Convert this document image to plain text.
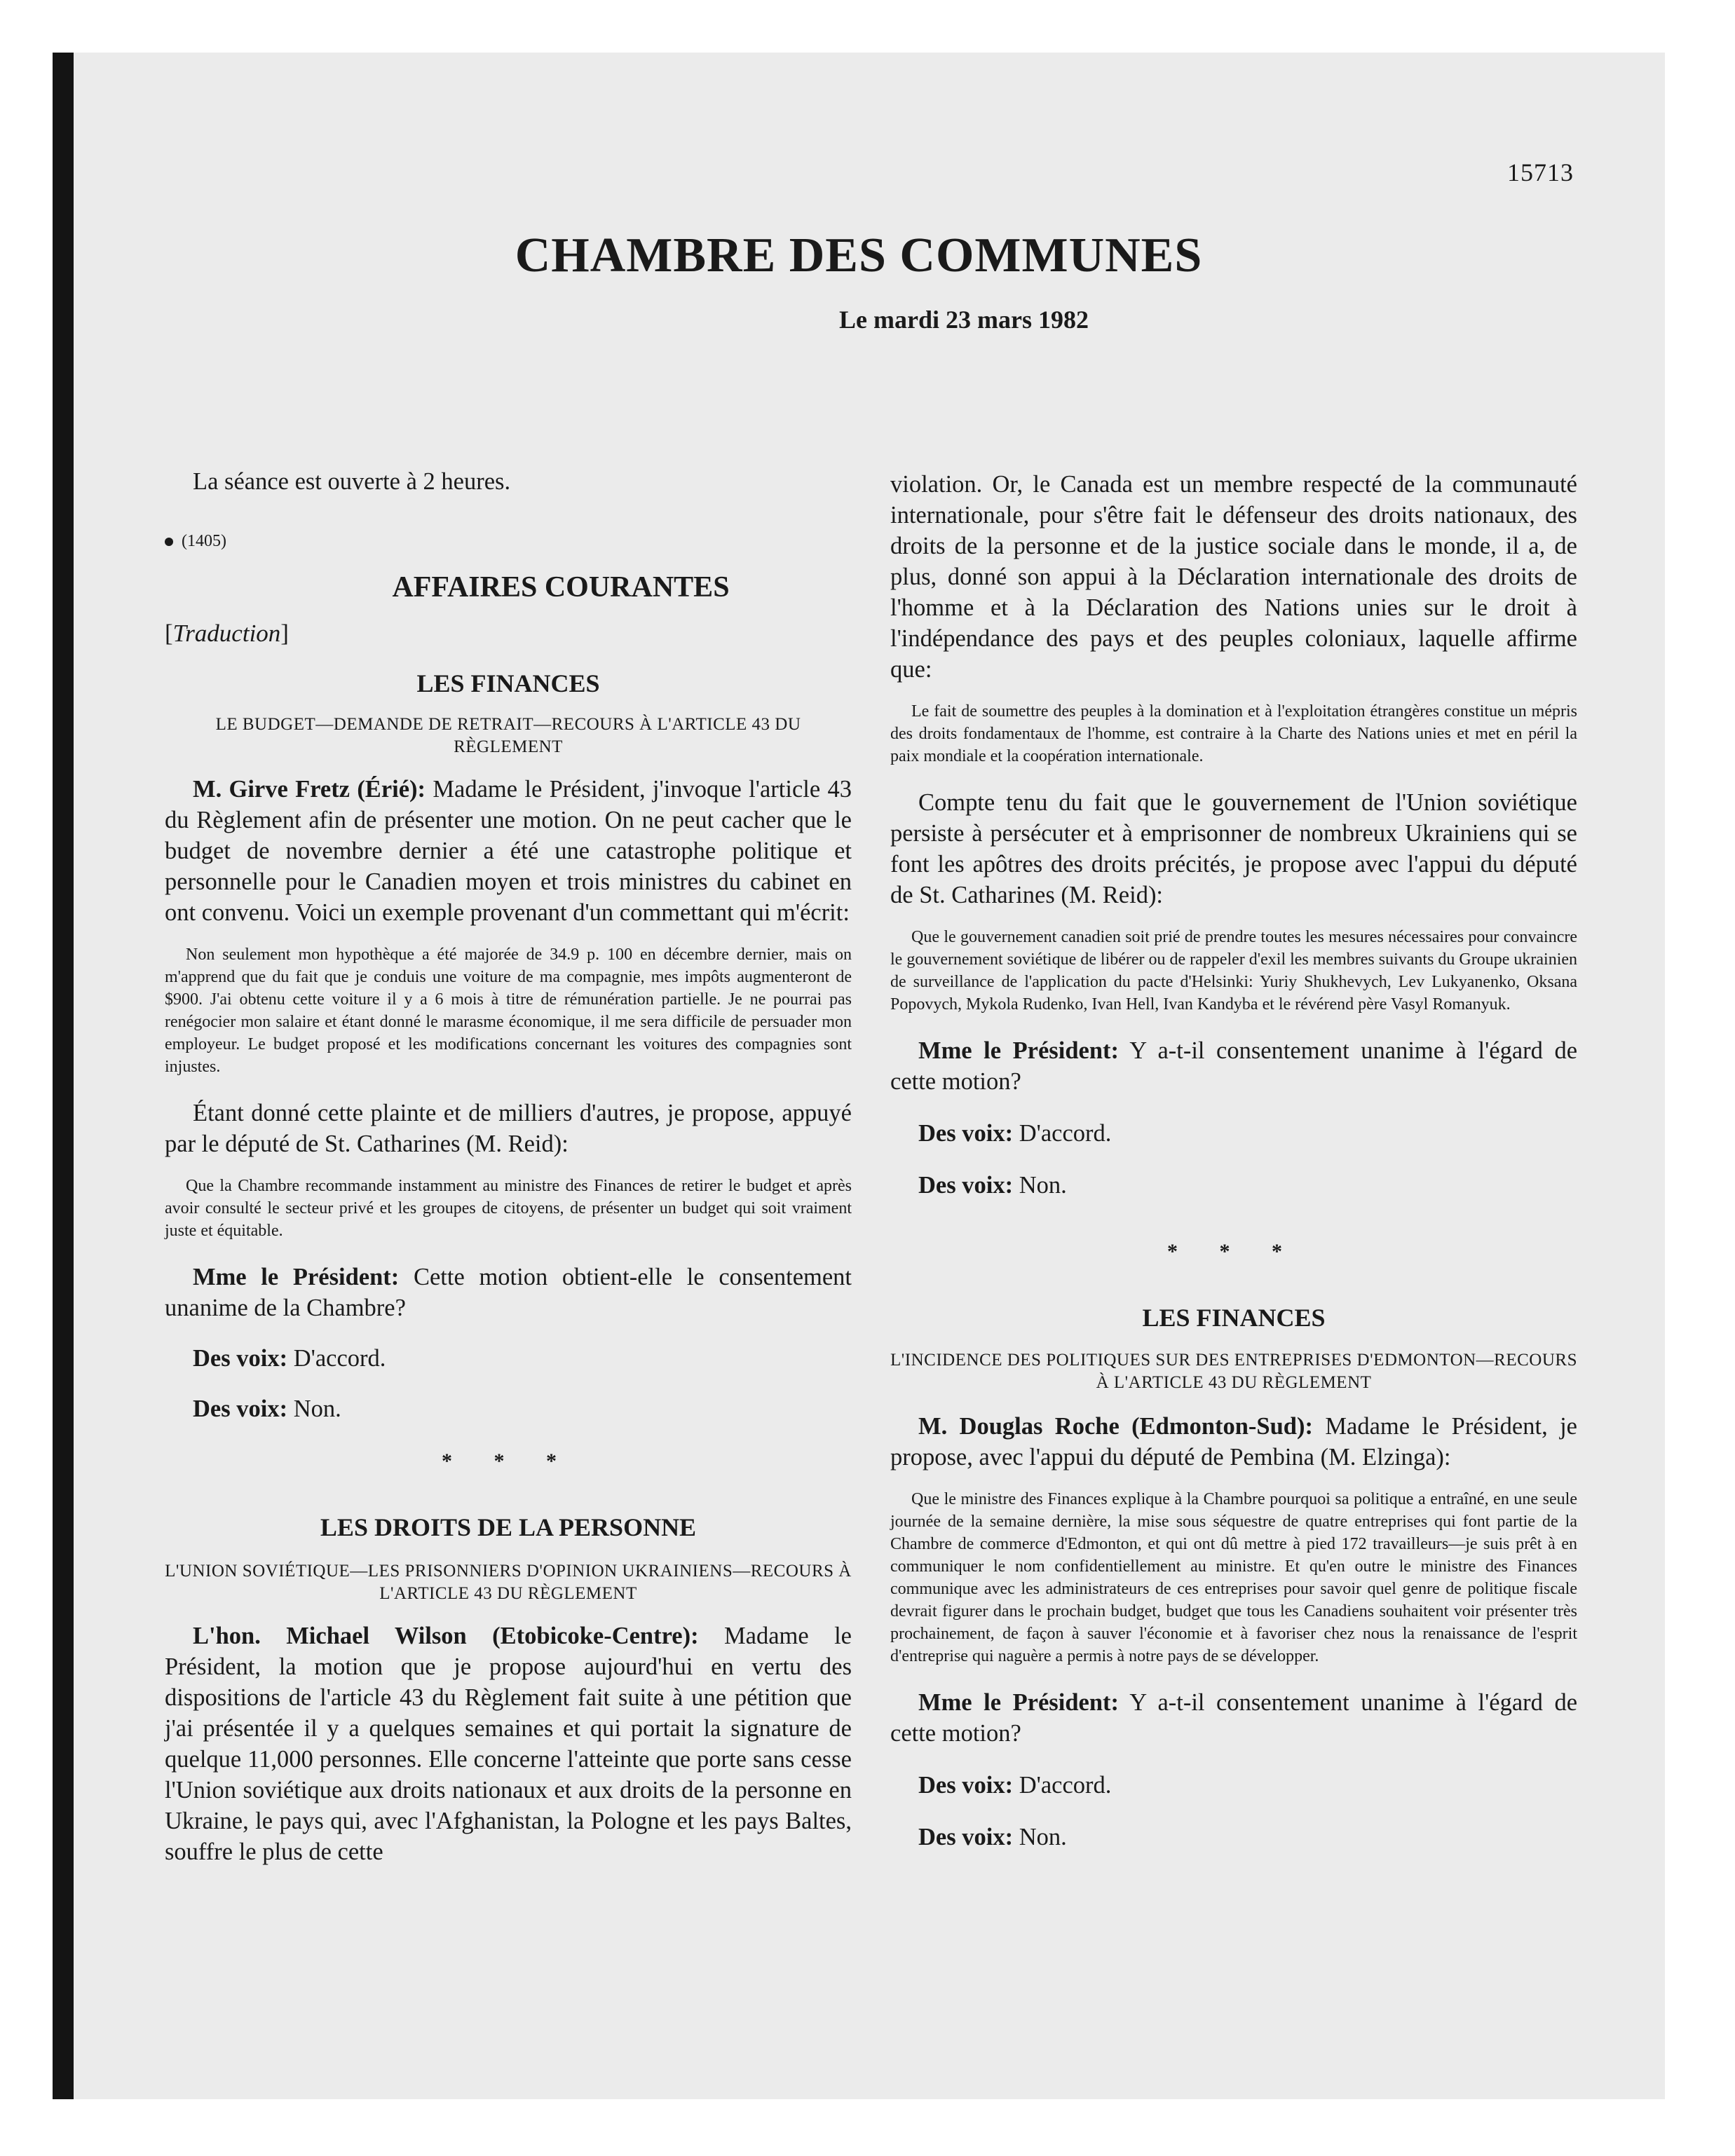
15713
CHAMBRE DES COMMUNES
Le mardi 23 mars 1982

La séance est ouverte à 2 heures.

(1405)

AFFAIRES COURANTES

[Traduction]

LES FINANCES

LE BUDGET—DEMANDE DE RETRAIT—RECOURS À L'ARTICLE 43 DU RÈGLEMENT

M. Girve Fretz (Érié): Madame le Président, j'invoque l'article 43 du Règlement afin de présenter une motion. On ne peut cacher que le budget de novembre dernier a été une catastrophe politique et personnelle pour le Canadien moyen et trois ministres du cabinet en ont convenu. Voici un exemple provenant d'un commettant qui m'écrit:

Non seulement mon hypothèque a été majorée de 34.9 p. 100 en décembre dernier, mais on m'apprend que du fait que je conduis une voiture de ma compagnie, mes impôts augmenteront de $900. J'ai obtenu cette voiture il y a 6 mois à titre de rémunération partielle. Je ne pourrai pas renégocier mon salaire et étant donné le marasme économique, il me sera difficile de persuader mon employeur. Le budget proposé et les modifications concernant les voitures des compagnies sont injustes.

Étant donné cette plainte et de milliers d'autres, je propose, appuyé par le député de St. Catharines (M. Reid):

Que la Chambre recommande instamment au ministre des Finances de retirer le budget et après avoir consulté le secteur privé et les groupes de citoyens, de présenter un budget qui soit vraiment juste et équitable.

Mme le Président: Cette motion obtient-elle le consentement unanime de la Chambre?

Des voix: D'accord.

Des voix: Non.

* * *

LES DROITS DE LA PERSONNE

L'UNION SOVIÉTIQUE—LES PRISONNIERS D'OPINION UKRAINIENS—RECOURS À L'ARTICLE 43 DU RÈGLEMENT

L'hon. Michael Wilson (Etobicoke-Centre): Madame le Président, la motion que je propose aujourd'hui en vertu des dispositions de l'article 43 du Règlement fait suite à une pétition que j'ai présentée il y a quelques semaines et qui portait la signature de quelque 11,000 personnes. Elle concerne l'atteinte que porte sans cesse l'Union soviétique aux droits nationaux et aux droits de la personne en Ukraine, le pays qui, avec l'Afghanistan, la Pologne et les pays Baltes, souffre le plus de cette

violation. Or, le Canada est un membre respecté de la communauté internationale, pour s'être fait le défenseur des droits nationaux, des droits de la personne et de la justice sociale dans le monde, il a, de plus, donné son appui à la Déclaration internationale des droits de l'homme et à la Déclaration des Nations unies sur le droit à l'indépendance des pays et des peuples coloniaux, laquelle affirme que:

Le fait de soumettre des peuples à la domination et à l'exploitation étrangères constitue un mépris des droits fondamentaux de l'homme, est contraire à la Charte des Nations unies et met en péril la paix mondiale et la coopération internationale.

Compte tenu du fait que le gouvernement de l'Union soviétique persiste à persécuter et à emprisonner de nombreux Ukrainiens qui se font les apôtres des droits précités, je propose avec l'appui du député de St. Catharines (M. Reid):

Que le gouvernement canadien soit prié de prendre toutes les mesures nécessaires pour convaincre le gouvernement soviétique de libérer ou de rappeler d'exil les membres suivants du Groupe ukrainien de surveillance de l'application du pacte d'Helsinki: Yuriy Shukhevych, Lev Lukyanenko, Oksana Popovych, Mykola Rudenko, Ivan Hell, Ivan Kandyba et le révérend père Vasyl Romanyuk.

Mme le Président: Y a-t-il consentement unanime à l'égard de cette motion?

Des voix: D'accord.

Des voix: Non.

* * *

LES FINANCES

L'INCIDENCE DES POLITIQUES SUR DES ENTREPRISES D'EDMONTON—RECOURS À L'ARTICLE 43 DU RÈGLEMENT

M. Douglas Roche (Edmonton-Sud): Madame le Président, je propose, avec l'appui du député de Pembina (M. Elzinga):

Que le ministre des Finances explique à la Chambre pourquoi sa politique a entraîné, en une seule journée de la semaine dernière, la mise sous séquestre de quatre entreprises qui font partie de la Chambre de commerce d'Edmonton, et qui ont dû mettre à pied 172 travailleurs—je suis prêt à en communiquer le nom confidentiellement au ministre. Et qu'en outre le ministre des Finances communique avec les administrateurs de ces entreprises pour savoir quel genre de politique fiscale devrait figurer dans le prochain budget, budget que tous les Canadiens souhaitent voir présenter très prochainement, de façon à sauver l'économie et à favoriser chez nous la renaissance de l'esprit d'entreprise qui naguère a permis à notre pays de se développer.

Mme le Président: Y a-t-il consentement unanime à l'égard de cette motion?

Des voix: D'accord.

Des voix: Non.
